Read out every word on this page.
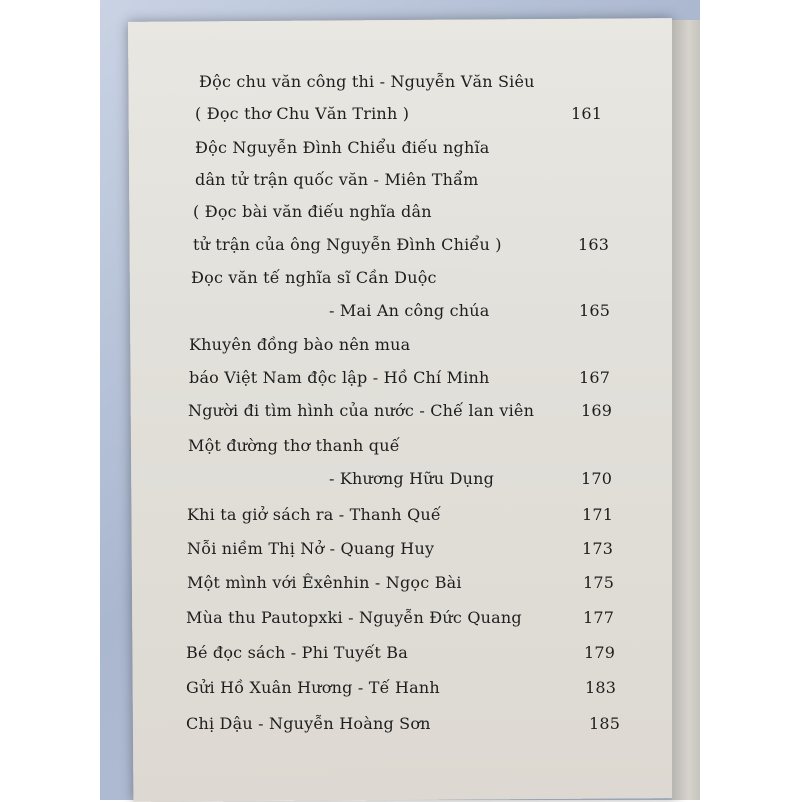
Độc chu văn công thi - Nguyễn Văn Siêu
( Đọc thơ Chu Văn Trinh )	161
Độc Nguyễn Đình Chiểu điếu nghĩa
dân tử trận quốc văn - Miên Thẩm
( Đọc bài văn điếu nghĩa dân
tử trận của ông Nguyễn Đình Chiểu )	163
Đọc văn tế nghĩa sĩ Cần Duộc
- Mai An công chúa	165
Khuyên đồng bào nên mua
báo Việt Nam độc lập - Hồ Chí Minh	167
Người đi tìm hình của nước - Chế lan viên	169
Một đường thơ thanh quế
- Khương Hữu Dụng	170
Khi ta giở sách ra - Thanh Quế	171
Nỗi niềm Thị Nở - Quang Huy	173
Một mình với Êxênhin - Ngọc Bài	175
Mùa thu Pautopxki - Nguyễn Đức Quang	177
Bé đọc sách - Phi Tuyết Ba	179
Gửi Hồ Xuân Hương - Tế Hanh	183
Chị Dậu - Nguyễn Hoàng Sơn	185
